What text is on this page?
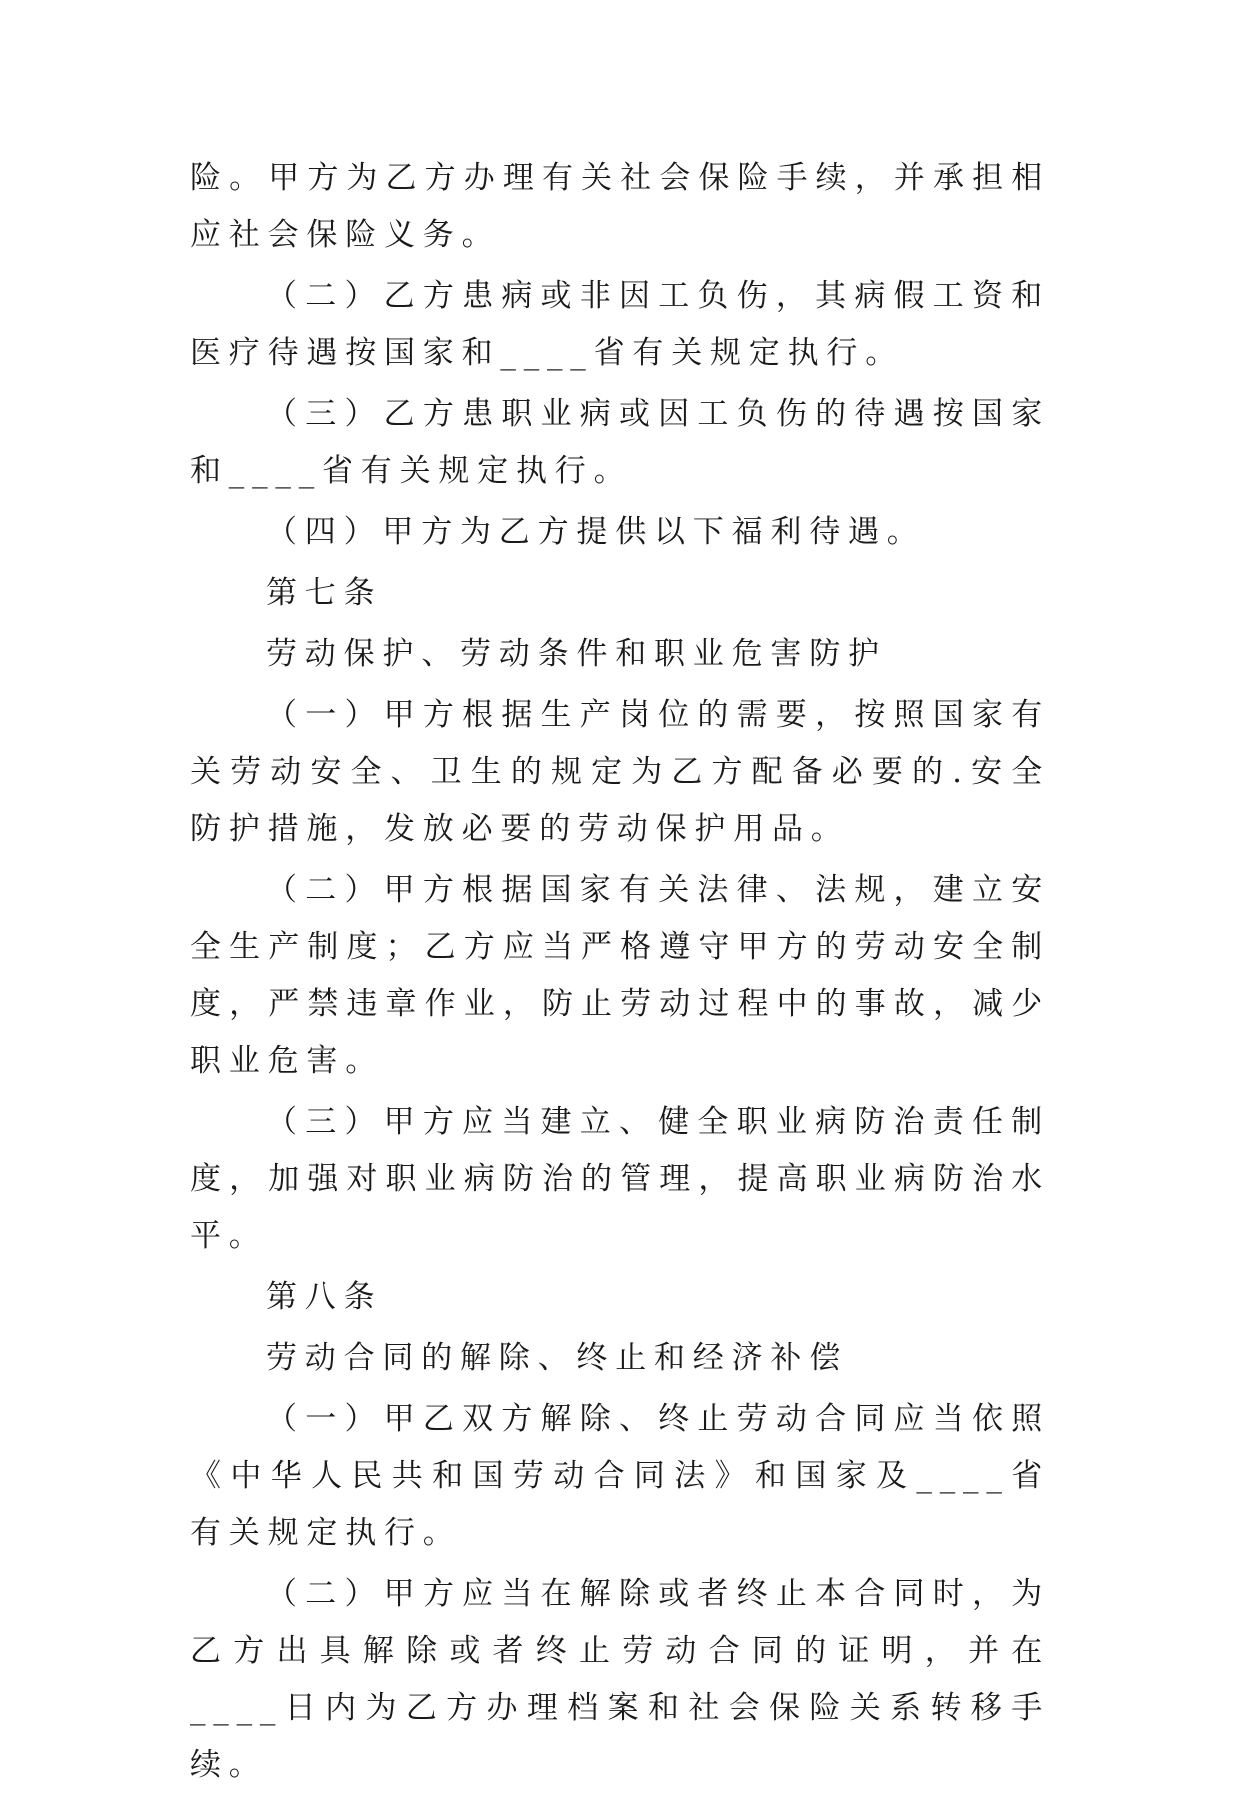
险。甲方为乙方办理有关社会保险手续，并承担相应社会保险义务。

（二）乙方患病或非因工负伤，其病假工资和医疗待遇按国家和____省有关规定执行。

（三）乙方患职业病或因工负伤的待遇按国家和____省有关规定执行。

（四）甲方为乙方提供以下福利待遇。

第七条

劳动保护、劳动条件和职业危害防护

（一）甲方根据生产岗位的需要，按照国家有关劳动安全、卫生的规定为乙方配备必要的.安全防护措施，发放必要的劳动保护用品。

（二）甲方根据国家有关法律、法规，建立安全生产制度；乙方应当严格遵守甲方的劳动安全制度，严禁违章作业，防止劳动过程中的事故，减少职业危害。

（三）甲方应当建立、健全职业病防治责任制度，加强对职业病防治的管理，提高职业病防治水平。

第八条

劳动合同的解除、终止和经济补偿

（一）甲乙双方解除、终止劳动合同应当依照《中华人民共和国劳动合同法》和国家及____省有关规定执行。

（二）甲方应当在解除或者终止本合同时，为乙方出具解除或者终止劳动合同的证明，并在____日内为乙方办理档案和社会保险关系转移手续。
